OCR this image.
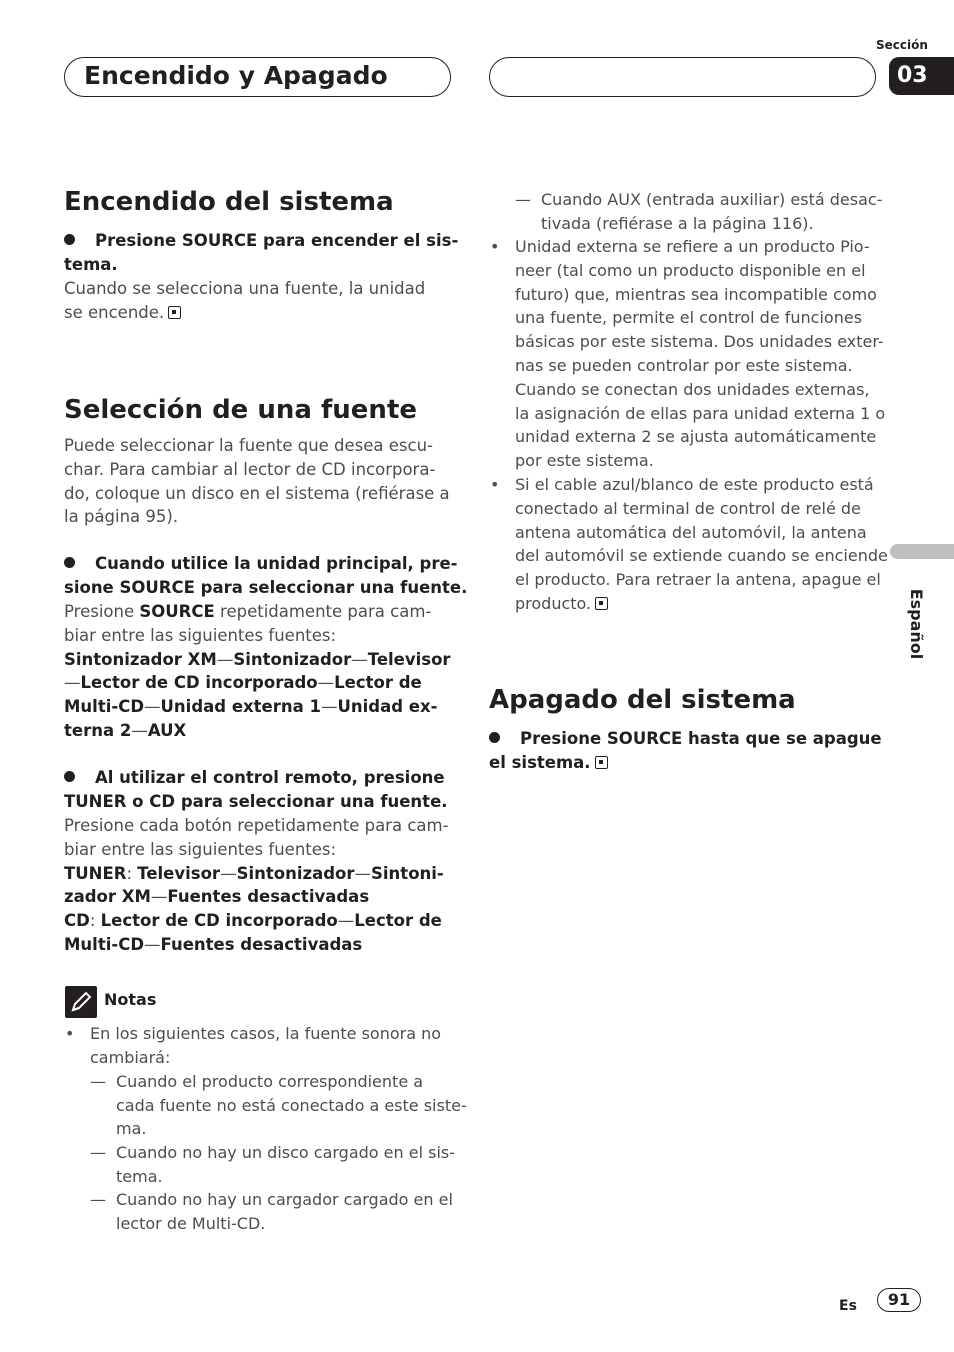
Encendido y Apagado
Sección
03
Español
Encendido del sistema
Presione SOURCE para encender el sis-
tema.
Cuando se selecciona una fuente, la unidad
se encende.
Selección de una fuente
Puede seleccionar la fuente que desea escu-
char. Para cambiar al lector de CD incorpora-
do, coloque un disco en el sistema (refiérase a
la página 95).
Cuando utilice la unidad principal, pre-
sione SOURCE para seleccionar una fuente.
Presione SOURCE repetidamente para cam-
biar entre las siguientes fuentes:
Sintonizador XM—Sintonizador—Televisor
—Lector de CD incorporado—Lector de
Multi-CD—Unidad externa 1—Unidad ex-
terna 2—AUX
Al utilizar el control remoto, presione
TUNER o CD para seleccionar una fuente.
Presione cada botón repetidamente para cam-
biar entre las siguientes fuentes:
TUNER: Televisor—Sintonizador—Sintoni-
zador XM—Fuentes desactivadas
CD: Lector de CD incorporado—Lector de
Multi-CD—Fuentes desactivadas
Notas
• En los siguientes casos, la fuente sonora no
cambiará:
— Cuando el producto correspondiente a
cada fuente no está conectado a este siste-
ma.
— Cuando no hay un disco cargado en el sis-
tema.
— Cuando no hay un cargador cargado en el
lector de Multi-CD.
— Cuando AUX (entrada auxiliar) está desac-
tivada (refiérase a la página 116).
• Unidad externa se refiere a un producto Pio-
neer (tal como un producto disponible en el
futuro) que, mientras sea incompatible como
una fuente, permite el control de funciones
básicas por este sistema. Dos unidades exter-
nas se pueden controlar por este sistema.
Cuando se conectan dos unidades externas,
la asignación de ellas para unidad externa 1 o
unidad externa 2 se ajusta automáticamente
por este sistema.
• Si el cable azul/blanco de este producto está
conectado al terminal de control de relé de
antena automática del automóvil, la antena
del automóvil se extiende cuando se enciende
el producto. Para retraer la antena, apague el
producto.
Apagado del sistema
Presione SOURCE hasta que se apague
el sistema.
Es	91
